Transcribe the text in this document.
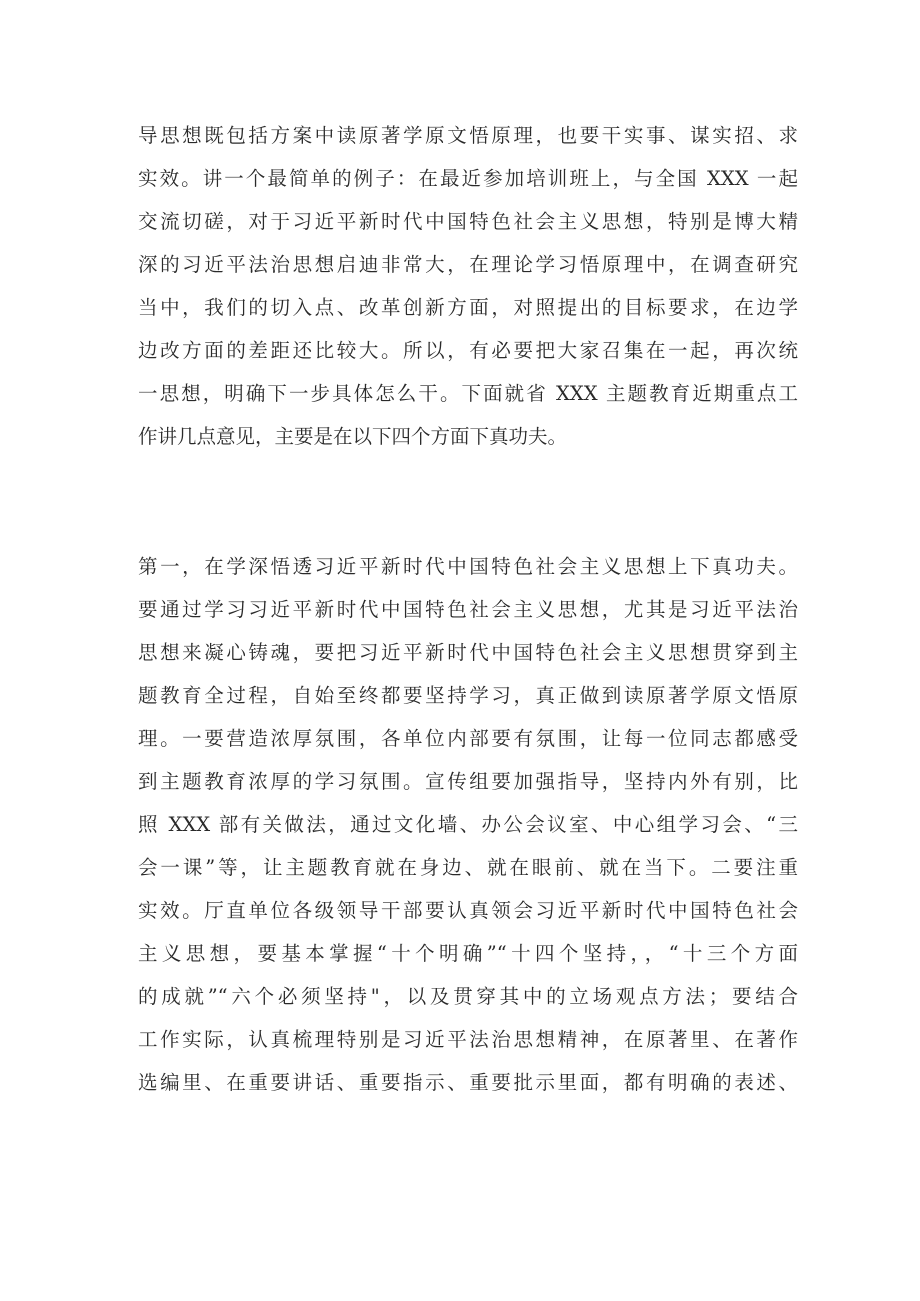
导思想既包括方案中读原著学原文悟原理，也要干实事、谋实招、求
实效。讲一个最简单的例子：在最近参加培训班上，与全国 XXX 一起
交流切磋，对于习近平新时代中国特色社会主义思想，特别是博大精
深的习近平法治思想启迪非常大，在理论学习悟原理中，在调查研究
当中，我们的切入点、改革创新方面，对照提出的目标要求，在边学
边改方面的差距还比较大。所以，有必要把大家召集在一起，再次统
一思想，明确下一步具体怎么干。下面就省 XXX 主题教育近期重点工
作讲几点意见，主要是在以下四个方面下真功夫。
第一，在学深悟透习近平新时代中国特色社会主义思想上下真功夫。
要通过学习习近平新时代中国特色社会主义思想，尤其是习近平法治
思想来凝心铸魂，要把习近平新时代中国特色社会主义思想贯穿到主
题教育全过程，自始至终都要坚持学习，真正做到读原著学原文悟原
理。一要营造浓厚氛围，各单位内部要有氛围，让每一位同志都感受
到主题教育浓厚的学习氛围。宣传组要加强指导，坚持内外有别，比
照 XXX 部有关做法，通过文化墙、办公会议室、中心组学习会、“三
会一课”等，让主题教育就在身边、就在眼前、就在当下。二要注重
实效。厅直单位各级领导干部要认真领会习近平新时代中国特色社会
主义思想，要基本掌握“十个明确”“十四个坚持，，“十三个方面
的成就”“六个必须坚持"，以及贯穿其中的立场观点方法；要结合
工作实际，认真梳理特别是习近平法治思想精神，在原著里、在著作
选编里、在重要讲话、重要指示、重要批示里面，都有明确的表述、
